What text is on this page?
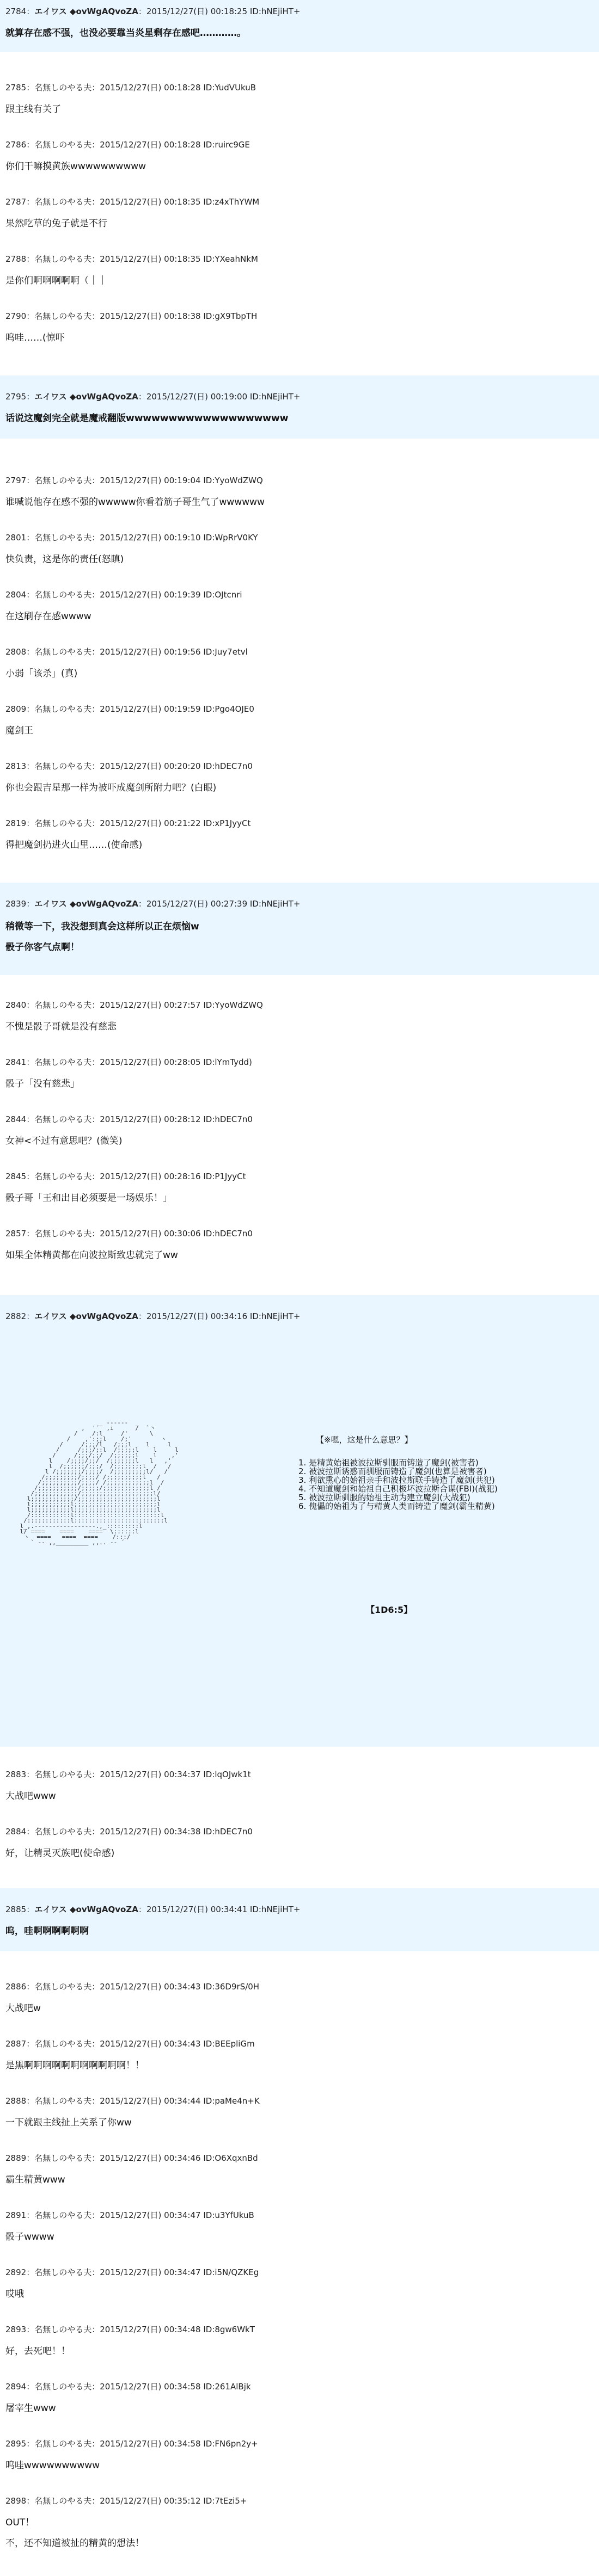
2784：エイワス ◆ovWgAQvoZA：2015/12/27(日) 00:18:25 ID:hNEjiHT+
就算存在感不强，也没必要靠当炎星剩存在感吧…………。
2785：名無しのやる夫：2015/12/27(日) 00:18:28 ID:YudVUkuB
跟主线有关了
2786：名無しのやる夫：2015/12/27(日) 00:18:28 ID:ruirc9GE
你们干嘛摸黄族wwwwwwwwww
2787：名無しのやる夫：2015/12/27(日) 00:18:35 ID:z4xThYWM
果然吃草的兔子就是不行
2788：名無しのやる夫：2015/12/27(日) 00:18:35 ID:YXeahNkM
是你们啊啊啊啊啊（｜｜
2790：名無しのやる夫：2015/12/27(日) 00:18:38 ID:gX9TbpTH
呜哇……(惊吓
2795：エイワス ◆ovWgAQvoZA：2015/12/27(日) 00:19:00 ID:hNEjiHT+
话说这魔剑完全就是魔戒翻版wwwwwwwwwwwwwwwwwww
2797：名無しのやる夫：2015/12/27(日) 00:19:04 ID:YyoWdZWQ
谁喊说他存在感不强的wwwww你看着筋子哥生气了wwwwww
2801：名無しのやる夫：2015/12/27(日) 00:19:10 ID:WpRrV0KY
快负责，这是你的责任(怒瞋)
2804：名無しのやる夫：2015/12/27(日) 00:19:39 ID:OJtcnri
在这刷存在感wwww
2808：名無しのやる夫：2015/12/27(日) 00:19:56 ID:Juy7etvl
小弱「该杀」(真)
2809：名無しのやる夫：2015/12/27(日) 00:19:59 ID:Pgo4OJE0
魔剑王
2813：名無しのやる夫：2015/12/27(日) 00:20:20 ID:hDEC7n0
你也会跟吉星那一样为被吓成魔剑所附力吧？(白眼)
2819：名無しのやる夫：2015/12/27(日) 00:21:22 ID:xP1JyyCt
得把魔剑扔进火山里……(使命感)
2839：エイワス ◆ovWgAQvoZA：2015/12/27(日) 00:27:39 ID:hNEjiHT+
稍微等一下，我没想到真会这样所以正在烦恼w
骰子你客气点啊！
2840：名無しのやる夫：2015/12/27(日) 00:27:57 ID:YyoWdZWQ
不愧是骰子哥就是没有慈悲
2841：名無しのやる夫：2015/12/27(日) 00:28:05 ID:lYmTydd)
骰子「没有慈悲」
2844：名無しのやる夫：2015/12/27(日) 00:28:12 ID:hDEC7n0
女神<不过有意思吧？(微笑)
2845：名無しのやる夫：2015/12/27(日) 00:28:16 ID:P1JyyCt
骰子哥「王和出目必须要是一场娱乐！」
2857：名無しのやる夫：2015/12/27(日) 00:30:06 ID:hDEC7n0
如果全体精黄都在向波拉斯致忠就完了ww
2882：エイワス ◆ovWgAQvoZA：2015/12/27(日) 00:34:16 ID:hNEjiHT+
_ -‐‐‐‐-  _
,  '´  ,i      /  `丶
/    /:l     /'      \
/    ,':;;l    /;'        ヽ
/     /;;;/l   /;;;l    l     l
/     /;;;/;:l  /;;;;;l    l     l
/     /;;;/;;/  /;;;;;;l    l    ,'
l    /;;;;/;;/  /;;;;;;;l   l   ,'
l  /;;;;;;/;;;/  /;;;;;;;;l  /   /
l /;;;;;;;/;;;;/  /;;;;;;;;;l/   /
/;;;;;;;;;/;;;;/ /;;;;;;;;;;l   /
/;;;;;;;;;;/;;;;/ /;;;;;;;;;;;;l  /
/;;;;;;;;;;;/;;;;;/;;;;;;;;;;;;;l /
/;;;;;;;;;;;;/;;;;;;;;;;;;;;;;;;;;l/
l;;;;;;;;;;;;/;;;;;;;;;;;;;;;;;;;;;;l
l;;;;;;;;;;;l;;;;;;;;;;;;;;;;;;;;;;;l
l;;;;;;;;;;;l;;;;;;;;;;;;;;;;;;;;;;;l
/:::::::::::l::::::::::::::::::::::::l
/::::::::::::l:::::::::::::::::::::::::l
l_,.-‐‐‐‐‐‐‐‐‐‐‐‐‐‐‐-.,_:::::::::l
l/ ====    ====    ====  \::::::l
ヽ  ====   ====  ====    /:::/
` ‐- ,,_________ ,,.. -‐ ´
【※嗯，这是什么意思？】
1. 是精黄始祖被波拉斯驯服而铸造了魔剑(被害者)
2. 被波拉斯诱惑而驯服而铸造了魔剑(也算是被害者)
3. 利欲熏心的始祖亲手和波拉斯联手铸造了魔剑(共犯)
4. 不知道魔剑和始祖自己积极坏波拉斯合谋(FBI)(战犯)
5. 被波拉斯驯服的始祖主动为建立魔剑(大战犯)
6. 傀儡的始祖为了与精黄人类而铸造了魔剑(霸生精黄)
【1D6:5】
2883：名無しのやる夫：2015/12/27(日) 00:34:37 ID:lqOJwk1t
大战吧www
2884：名無しのやる夫：2015/12/27(日) 00:34:38 ID:hDEC7n0
好，让精灵灭族吧(使命感)
2885：エイワス ◆ovWgAQvoZA：2015/12/27(日) 00:34:41 ID:hNEjiHT+
呜，哇啊啊啊啊啊啊
2886：名無しのやる夫：2015/12/27(日) 00:34:43 ID:36D9rS/0H
大战吧w
2887：名無しのやる夫：2015/12/27(日) 00:34:43 ID:BEEpliGm
是黑啊啊啊啊啊啊啊啊啊啊啊！！
2888：名無しのやる夫：2015/12/27(日) 00:34:44 ID:paMe4n+K
一下就跟主线扯上关系了你ww
2889：名無しのやる夫：2015/12/27(日) 00:34:46 ID:O6XqxnBd
霸生精黄www
2891：名無しのやる夫：2015/12/27(日) 00:34:47 ID:u3YfUkuB
骰子wwww
2892：名無しのやる夫：2015/12/27(日) 00:34:47 ID:i5N/QZKEg
哎哦
2893：名無しのやる夫：2015/12/27(日) 00:34:48 ID:8gw6WkT
好，去死吧！！
2894：名無しのやる夫：2015/12/27(日) 00:34:58 ID:261AlBjk
屠宰生www
2895：名無しのやる夫：2015/12/27(日) 00:34:58 ID:FN6pn2y+
呜哇wwwwwwwwww
2898：名無しのやる夫：2015/12/27(日) 00:35:12 ID:7tEzi5+
OUT！
不，还不知道被扯的精黄的想法！
